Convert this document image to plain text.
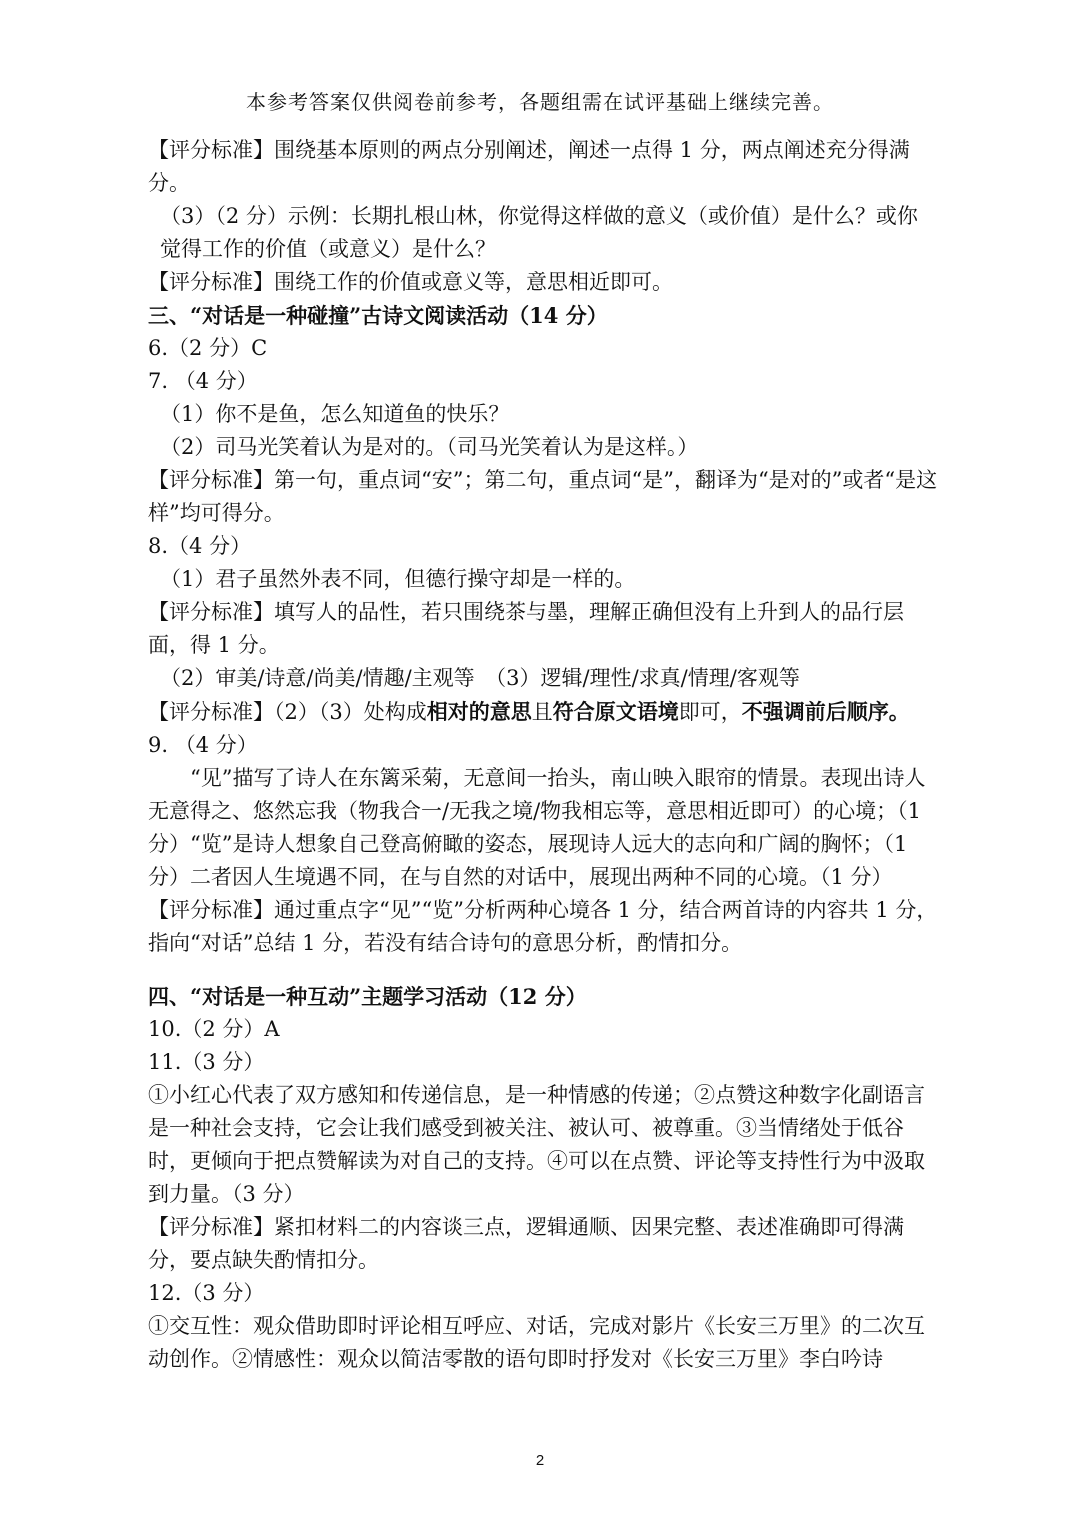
本参考答案仅供阅卷前参考，各题组需在试评基础上继续完善。

【评分标准】围绕基本原则的两点分别阐述，阐述一点得 1 分，两点阐述充分得满分。

（3）（2 分）示例：长期扎根山林，你觉得这样做的意义（或价值）是什么？或你觉得工作的价值（或意义）是什么？

【评分标准】围绕工作的价值或意义等，意思相近即可。

三、“对话是一种碰撞”古诗文阅读活动（14 分）

6.（2 分）C

7. （4 分）

（1）你不是鱼，怎么知道鱼的快乐？

（2）司马光笑着认为是对的。（司马光笑着认为是这样。）

【评分标准】第一句，重点词“安”；第二句，重点词“是”，翻译为“是对的”或者“是这样”均可得分。

8.（4 分）

（1）君子虽然外表不同，但德行操守却是一样的。

【评分标准】填写人的品性，若只围绕茶与墨，理解正确但没有上升到人的品行层面，得 1 分。

（2）审美/诗意/尚美/情趣/主观等　（3）逻辑/理性/求真/情理/客观等

【评分标准】（2）（3）处构成相对的意思且符合原文语境即可，不强调前后顺序。

9. （4 分）

“见”描写了诗人在东篱采菊，无意间一抬头，南山映入眼帘的情景。表现出诗人无意得之、悠然忘我（物我合一/无我之境/物我相忘等，意思相近即可）的心境；（1 分）“览”是诗人想象自己登高俯瞰的姿态，展现诗人远大的志向和广阔的胸怀；（1 分）二者因人生境遇不同，在与自然的对话中，展现出两种不同的心境。（1 分）

【评分标准】通过重点字“见”“览”分析两种心境各 1 分，结合两首诗的内容共 1 分，指向“对话”总结 1 分，若没有结合诗句的意思分析，酌情扣分。

四、“对话是一种互动”主题学习活动（12 分）

10.（2 分）A

11.（3 分）

①小红心代表了双方感知和传递信息，是一种情感的传递；②点赞这种数字化副语言是一种社会支持，它会让我们感受到被关注、被认可、被尊重。③当情绪处于低谷时，更倾向于把点赞解读为对自己的支持。④可以在点赞、评论等支持性行为中汲取到力量。（3 分）

【评分标准】紧扣材料二的内容谈三点，逻辑通顺、因果完整、表述准确即可得满分，要点缺失酌情扣分。

12.（3 分）

①交互性：观众借助即时评论相互呼应、对话，完成对影片《长安三万里》的二次互动创作。②情感性：观众以简洁零散的语句即时抒发对《长安三万里》李白吟诗

2
